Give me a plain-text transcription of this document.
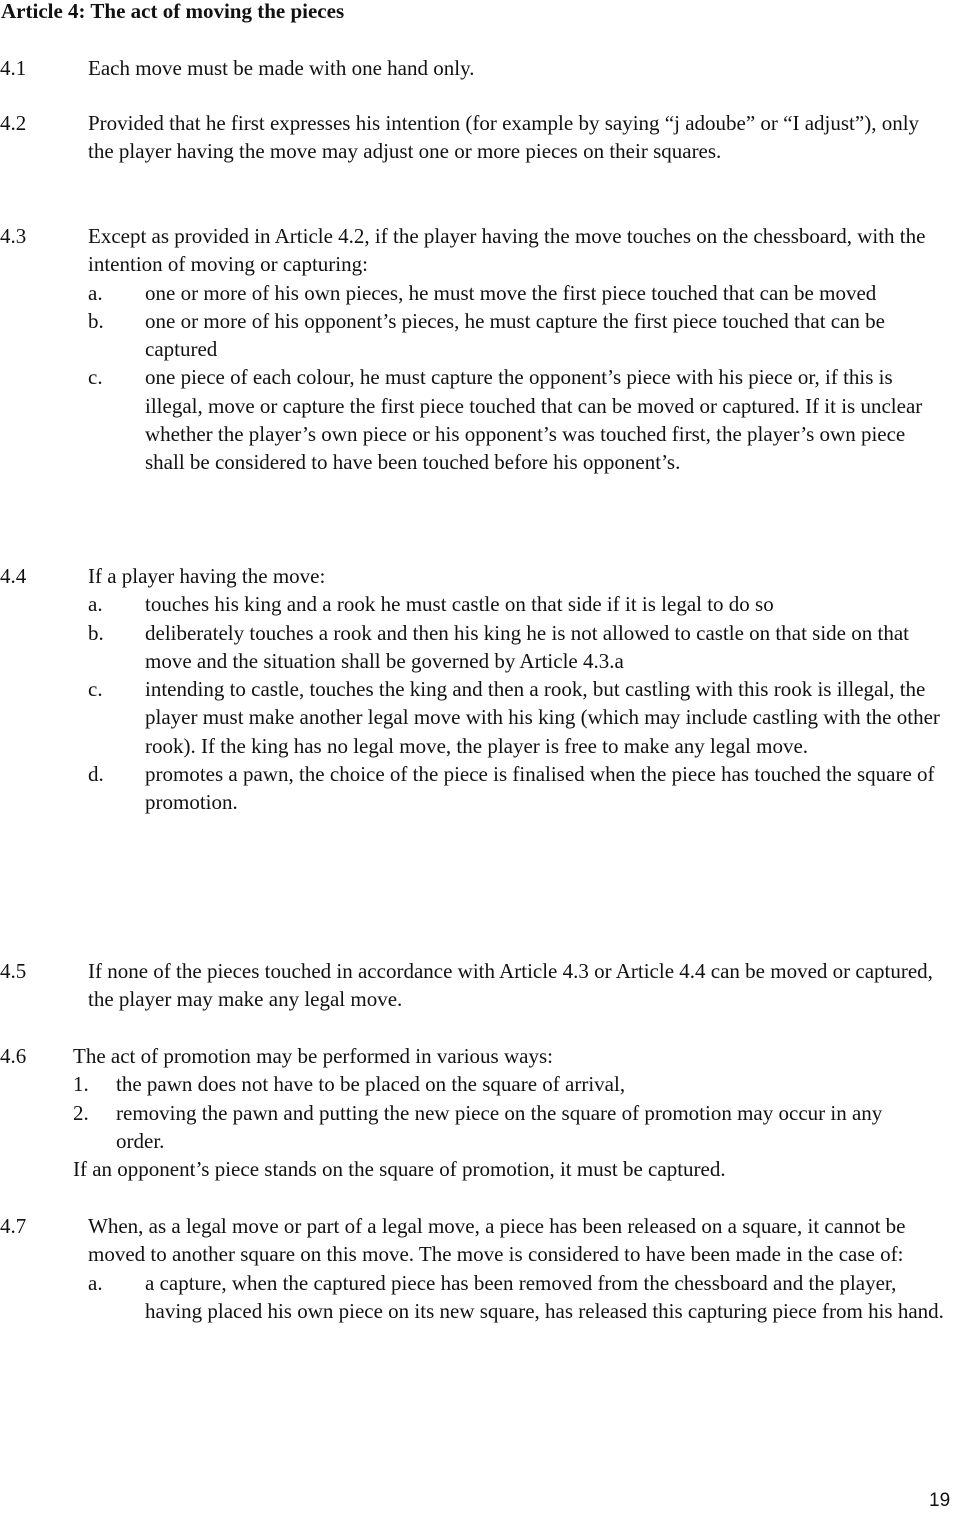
Article 4: The act of moving the pieces
4.1	Each move must be made with one hand only.
4.2	Provided that he first expresses his intention (for example by saying “j adoube” or “I adjust”), only the player having the move may adjust one or more pieces on their squares.
4.3	Except as provided in Article 4.2, if the player having the move touches on the chessboard, with the intention of moving or capturing:
a. one or more of his own pieces, he must move the first piece touched that can be moved
b. one or more of his opponent’s pieces, he must capture the first piece touched that can be captured
c. one piece of each colour, he must capture the opponent’s piece with his piece or, if this is illegal, move or capture the first piece touched that can be moved or captured. If it is unclear whether the player’s own piece or his opponent’s was touched first, the player’s own piece shall be considered to have been touched before his opponent’s.
4.4	If a player having the move:
a. touches his king and a rook he must castle on that side if it is legal to do so
b. deliberately touches a rook and then his king he is not allowed to castle on that side on that move and the situation shall be governed by Article 4.3.a
c. intending to castle, touches the king and then a rook, but castling with this rook is illegal, the player must make another legal move with his king (which may include castling with the other rook). If the king has no legal move, the player is free to make any legal move.
d. promotes a pawn, the choice of the piece is finalised when the piece has touched the square of promotion.
4.5	If none of the pieces touched in accordance with Article 4.3 or Article 4.4 can be moved or captured, the player may make any legal move.
4.6 The act of promotion may be performed in various ways:
1. the pawn does not have to be placed on the square of arrival,
2. removing the pawn and putting the new piece on the square of promotion may occur in any order.
If an opponent’s piece stands on the square of promotion, it must be captured.
4.7	When, as a legal move or part of a legal move, a piece has been released on a square, it cannot be moved to another square on this move. The move is considered to have been made in the case of:
a. a capture, when the captured piece has been removed from the chessboard and the player, having placed his own piece on its new square, has released this capturing piece from his hand.
19
